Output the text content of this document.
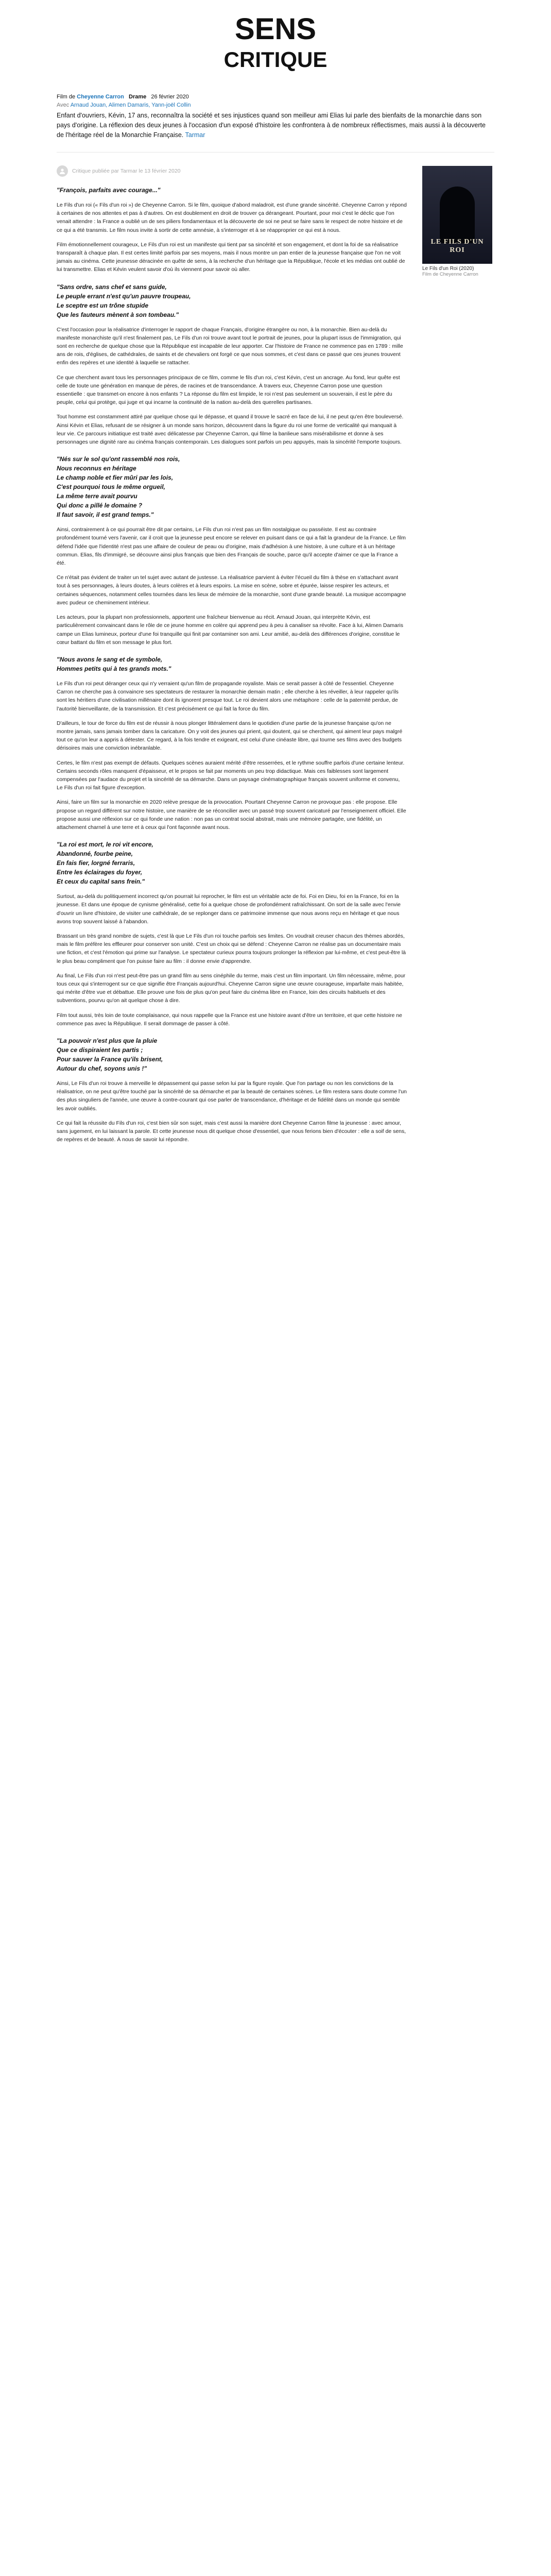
SENS
CRITIQUE
Film de Cheyenne Carron Drame 26 février 2020
Avec Arnaud Jouan, Alimen Damaris, Yann-joël Collin
Enfant d'ouvriers, Kévin, 17 ans, reconnaîtra la société et ses injustices quand son meilleur ami Elias lui parle des bienfaits de la monarchie dans son pays d'origine. La réflexion des deux jeunes à l'occasion d'un exposé d'histoire les confrontera à de nombreux réflectismes, mais aussi à la découverte de l'héritage réel de la Monarchie Française. Tarmar
Critique publiée par Tarmar le 13 février 2020

"François, parfaits avec courage..."

Le Fils d'un roi (« Fils d'un roi ») de Cheyenne Carron. Si le film, quoique d'abord maladroit, est d'une grande sincérité. Cheyenne Carron y répond à certaines de nos attentes et pas à d'autres. On est doublement en droit de trouver ça dérangeant. Pourtant, pour moi c'est le déclic que l'on venait attendre : la France a oublié un de ses piliers fondamentaux et la découverte de soi ne peut se faire sans le respect de notre histoire et de ce qui a été transmis. Le film nous invite à sortir de cette amnésie, à s'interroger et à se réapproprier ce qui est à nous.

Film émotionnellement courageux, Le Fils d'un roi est un manifeste qui tient par sa sincérité et son engagement, et dont la foi de sa réalisatrice transparaît à chaque plan. Il est certes limité parfois par ses moyens, mais il nous montre un pan entier de la jeunesse française que l'on ne voit jamais au cinéma. Cette jeunesse déracinée en quête de sens, à la recherche d'un héritage que la République, l'école et les médias ont oublié de lui transmettre. Elias et Kévin veulent savoir d'où ils viennent pour savoir où aller.

"Sans ordre, sans chef et sans guide,
Le peuple errant n'est qu'un pauvre troupeau,
Le sceptre est un trône stupide
Que les fauteurs mènent à son tombeau."

C'est l'occasion pour la réalisatrice d'interroger le rapport de chaque Français, d'origine étrangère ou non, à la monarchie. Bien au-delà du manifeste monarchiste qu'il n'est finalement pas, Le Fils d'un roi trouve avant tout le portrait de jeunes, pour la plupart issus de l'immigration, qui sont en recherche de quelque chose que la République est incapable de leur apporter. Car l'histoire de France ne commence pas en 1789 : mille ans de rois, d'églises, de cathédrales, de saints et de chevaliers ont forgé ce que nous sommes, et c'est dans ce passé que ces jeunes trouvent enfin des repères et une identité à laquelle se rattacher.

Ce que cherchent avant tous les personnages principaux de ce film, comme le fils d'un roi, c'est Kévin, c'est un ancrage. Au fond, leur quête est celle de toute une génération en manque de pères, de racines et de transcendance. À travers eux, Cheyenne Carron pose une question essentielle : que transmet-on encore à nos enfants ? La réponse du film est limpide, le roi n'est pas seulement un souverain, il est le père du peuple, celui qui protège, qui juge et qui incarne la continuité de la nation au-delà des querelles partisanes.

Tout homme est constamment attiré par quelque chose qui le dépasse, et quand il trouve le sacré en face de lui, il ne peut qu'en être bouleversé. Ainsi Kévin et Elias, refusant de se résigner à un monde sans horizon, découvrent dans la figure du roi une forme de verticalité qui manquait à leur vie. Ce parcours initiatique est traité avec délicatesse par Cheyenne Carron, qui filme la banlieue sans misérabilisme et donne à ses personnages une dignité rare au cinéma français contemporain. Les dialogues sont parfois un peu appuyés, mais la sincérité l'emporte toujours.

"Nés sur le sol qu'ont rassemblé nos rois,
Nous reconnus en héritage
Le champ noble et fier mûri par les lois,
C'est pourquoi tous le même orgueil,
La même terre avait pourvu
Qui donc a pillé le domaine ?
Il faut savoir, il est grand temps."

Ainsi, contrairement à ce qui pourrait être dit par certains, Le Fils d'un roi n'est pas un film nostalgique ou passéiste. Il est au contraire profondément tourné vers l'avenir, car il croit que la jeunesse peut encore se relever en puisant dans ce qui a fait la grandeur de la France. Le film défend l'idée que l'identité n'est pas une affaire de couleur de peau ou d'origine, mais d'adhésion à une histoire, à une culture et à un héritage commun. Elias, fils d'immigré, se découvre ainsi plus français que bien des Français de souche, parce qu'il accepte d'aimer ce que la France a été.

Ce n'était pas évident de traiter un tel sujet avec autant de justesse. La réalisatrice parvient à éviter l'écueil du film à thèse en s'attachant avant tout à ses personnages, à leurs doutes, à leurs colères et à leurs espoirs. La mise en scène, sobre et épurée, laisse respirer les acteurs, et certaines séquences, notamment celles tournées dans les lieux de mémoire de la monarchie, sont d'une grande beauté. La musique accompagne avec pudeur ce cheminement intérieur.

Les acteurs, pour la plupart non professionnels, apportent une fraîcheur bienvenue au récit. Arnaud Jouan, qui interprète Kévin, est particulièrement convaincant dans le rôle de ce jeune homme en colère qui apprend peu à peu à canaliser sa révolte. Face à lui, Alimen Damaris campe un Elias lumineux, porteur d'une foi tranquille qui finit par contaminer son ami. Leur amitié, au-delà des différences d'origine, constitue le cœur battant du film et son message le plus fort.

"Nous avons le sang et de symbole,
Hommes petits qui à tes grands mots."

Le Fils d'un roi peut déranger ceux qui n'y verraient qu'un film de propagande royaliste. Mais ce serait passer à côté de l'essentiel. Cheyenne Carron ne cherche pas à convaincre ses spectateurs de restaurer la monarchie demain matin ; elle cherche à les réveiller, à leur rappeler qu'ils sont les héritiers d'une civilisation millénaire dont ils ignorent presque tout. Le roi devient alors une métaphore : celle de la paternité perdue, de l'autorité bienveillante, de la transmission. Et c'est précisément ce qui fait la force du film.

D'ailleurs, le tour de force du film est de réussir à nous plonger littéralement dans le quotidien d'une partie de la jeunesse française qu'on ne montre jamais, sans jamais tomber dans la caricature. On y voit des jeunes qui prient, qui doutent, qui se cherchent, qui aiment leur pays malgré tout ce qu'on leur a appris à détester. Ce regard, à la fois tendre et exigeant, est celui d'une cinéaste libre, qui tourne ses films avec des budgets dérisoires mais une conviction inébranlable.

Certes, le film n'est pas exempt de défauts. Quelques scènes auraient mérité d'être resserrées, et le rythme souffre parfois d'une certaine lenteur. Certains seconds rôles manquent d'épaisseur, et le propos se fait par moments un peu trop didactique. Mais ces faiblesses sont largement compensées par l'audace du projet et la sincérité de sa démarche. Dans un paysage cinématographique français souvent uniforme et convenu, Le Fils d'un roi fait figure d'exception.

Ainsi, faire un film sur la monarchie en 2020 relève presque de la provocation. Pourtant Cheyenne Carron ne provoque pas : elle propose. Elle propose un regard différent sur notre histoire, une manière de se réconcilier avec un passé trop souvent caricaturé par l'enseignement officiel. Elle propose aussi une réflexion sur ce qui fonde une nation : non pas un contrat social abstrait, mais une mémoire partagée, une fidélité, un attachement charnel à une terre et à ceux qui l'ont façonnée avant nous.

"La roi est mort, le roi vit encore,
Abandonné, fourbe peine,
En fais fier, lorgné ferraris,
Entre les éclairages du foyer,
Et ceux du capital sans frein."

Surtout, au-delà du politiquement incorrect qu'on pourrait lui reprocher, le film est un véritable acte de foi. Foi en Dieu, foi en la France, foi en la jeunesse. Et dans une époque de cynisme généralisé, cette foi a quelque chose de profondément rafraîchissant. On sort de la salle avec l'envie d'ouvrir un livre d'histoire, de visiter une cathédrale, de se replonger dans ce patrimoine immense que nous avons reçu en héritage et que nous avons trop souvent laissé à l'abandon.

Brassant un très grand nombre de sujets, c'est là que Le Fils d'un roi touche parfois ses limites. On voudrait creuser chacun des thèmes abordés, mais le film préfère les effleurer pour conserver son unité. C'est un choix qui se défend : Cheyenne Carron ne réalise pas un documentaire mais une fiction, et c'est l'émotion qui prime sur l'analyse. Le spectateur curieux pourra toujours prolonger la réflexion par lui-même, et c'est peut-être là le plus beau compliment que l'on puisse faire au film : il donne envie d'apprendre.

Au final, Le Fils d'un roi n'est peut-être pas un grand film au sens cinéphile du terme, mais c'est un film important. Un film nécessaire, même, pour tous ceux qui s'interrogent sur ce que signifie être Français aujourd'hui. Cheyenne Carron signe une œuvre courageuse, imparfaite mais habitée, qui mérite d'être vue et débattue. Elle prouve une fois de plus qu'on peut faire du cinéma libre en France, loin des circuits habituels et des subventions, pourvu qu'on ait quelque chose à dire.

Film tout aussi, très loin de toute complaisance, qui nous rappelle que la France est une histoire avant d'être un territoire, et que cette histoire ne commence pas avec la République. Il serait dommage de passer à côté.

"La pouvoir n'est plus que la pluie
Que ce dispiraient les partis ;
Pour sauver la France qu'ils brisent,
Autour du chef, soyons unis !"

Ainsi, Le Fils d'un roi trouve à merveille le dépassement qui passe selon lui par la figure royale. Que l'on partage ou non les convictions de la réalisatrice, on ne peut qu'être touché par la sincérité de sa démarche et par la beauté de certaines scènes. Le film restera sans doute comme l'un des plus singuliers de l'année, une œuvre à contre-courant qui ose parler de transcendance, d'héritage et de fidélité dans un monde qui semble les avoir oubliés.

Ce qui fait la réussite du Fils d'un roi, c'est bien sûr son sujet, mais c'est aussi la manière dont Cheyenne Carron filme la jeunesse : avec amour, sans jugement, en lui laissant la parole. Et cette jeunesse nous dit quelque chose d'essentiel, que nous ferions bien d'écouter : elle a soif de sens, de repères et de beauté. À nous de savoir lui répondre.

LE FILS D'UN ROI
Le Fils d'un Roi (2020)
Film de Cheyenne Carron
